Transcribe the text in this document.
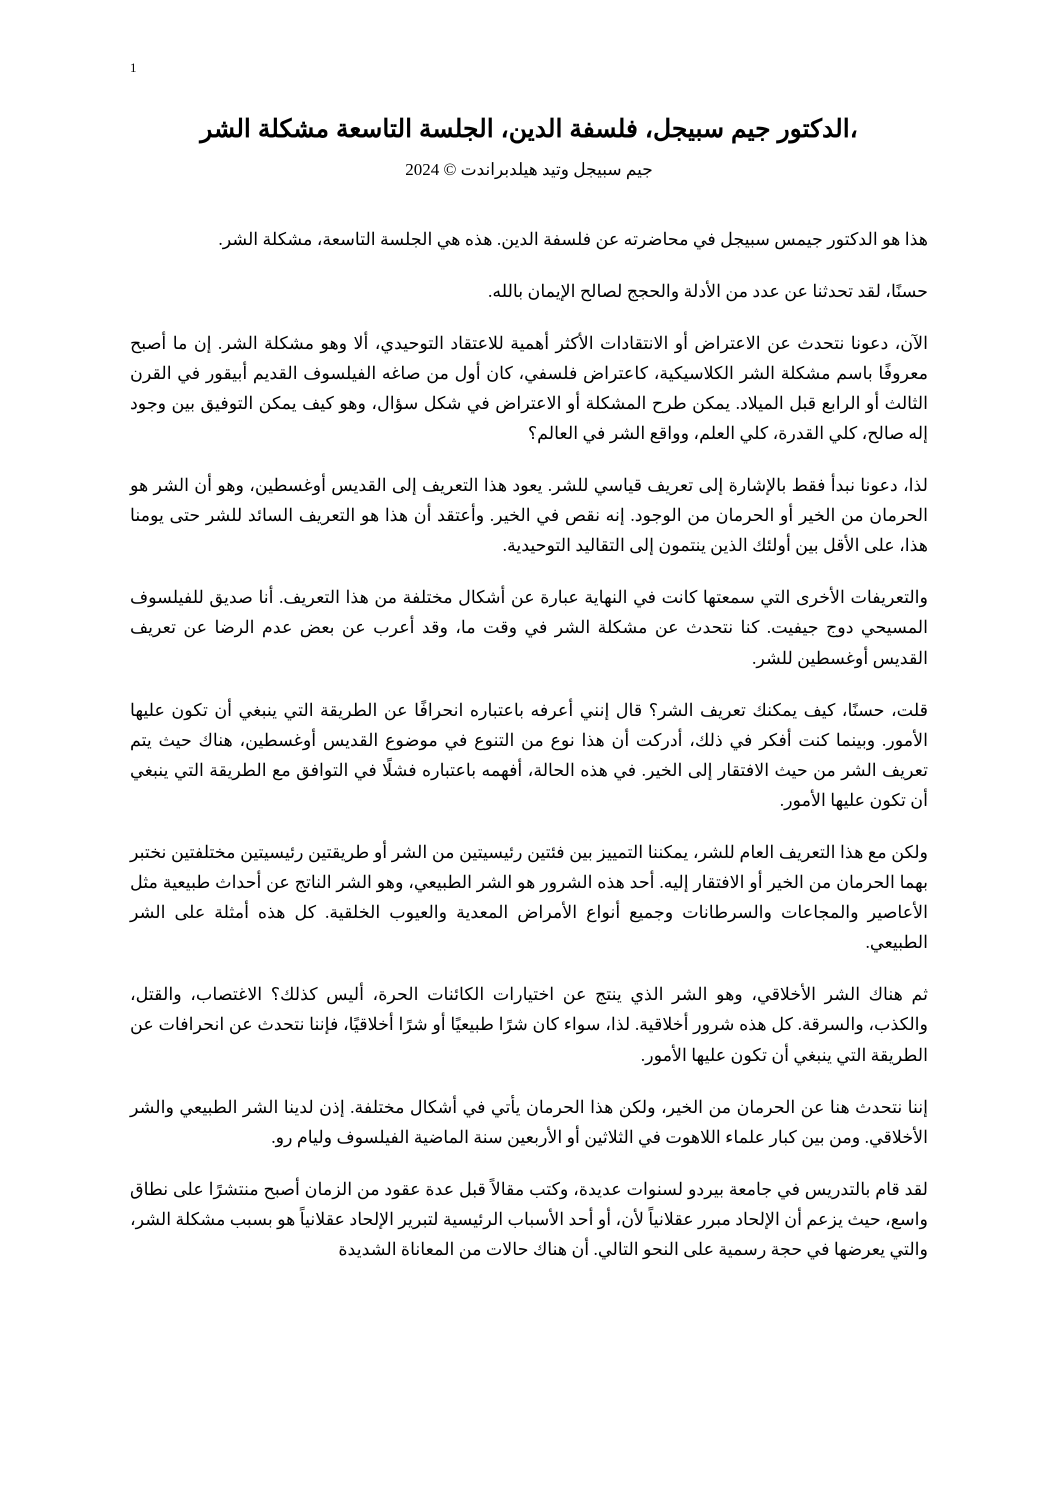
1
،الدكتور جيم سبيجل، فلسفة الدين، الجلسة التاسعة مشكلة الشر
جيم سبيجل وتيد هيلدبراندت © 2024

هذا هو الدكتور جيمس سبيجل في محاضرته عن فلسفة الدين. هذه هي الجلسة التاسعة، مشكلة الشر.

حسنًا، لقد تحدثنا عن عدد من الأدلة والحجج لصالح الإيمان بالله.

الآن، دعونا نتحدث عن الاعتراض أو الانتقادات الأكثر أهمية للاعتقاد التوحيدي، ألا وهو مشكلة الشر. إن ما أصبح معروفًا باسم مشكلة الشر الكلاسيكية، كاعتراض فلسفي، كان أول من صاغه الفيلسوف القديم أبيقور في القرن الثالث أو الرابع قبل الميلاد. يمكن طرح المشكلة أو الاعتراض في شكل سؤال، وهو كيف يمكن التوفيق بين وجود إله صالح، كلي القدرة، كلي العلم، وواقع الشر في العالم؟

لذا، دعونا نبدأ فقط بالإشارة إلى تعريف قياسي للشر. يعود هذا التعريف إلى القديس أوغسطين، وهو أن الشر هو الحرمان من الخير أو الحرمان من الوجود. إنه نقص في الخير. وأعتقد أن هذا هو التعريف السائد للشر حتى يومنا هذا، على الأقل بين أولئك الذين ينتمون إلى التقاليد التوحيدية.

والتعريفات الأخرى التي سمعتها كانت في النهاية عبارة عن أشكال مختلفة من هذا التعريف. أنا صديق للفيلسوف المسيحي دوج جيفيت. كنا نتحدث عن مشكلة الشر في وقت ما، وقد أعرب عن بعض عدم الرضا عن تعريف القديس أوغسطين للشر.

قلت، حسنًا، كيف يمكنك تعريف الشر؟ قال إنني أعرفه باعتباره انحرافًا عن الطريقة التي ينبغي أن تكون عليها الأمور. وبينما كنت أفكر في ذلك، أدركت أن هذا نوع من التنوع في موضوع القديس أوغسطين، هناك حيث يتم تعريف الشر من حيث الافتقار إلى الخير. في هذه الحالة، أفهمه باعتباره فشلًا في التوافق مع الطريقة التي ينبغي أن تكون عليها الأمور.

ولكن مع هذا التعريف العام للشر، يمكننا التمييز بين فئتين رئيسيتين من الشر أو طريقتين رئيسيتين مختلفتين نختبر بهما الحرمان من الخير أو الافتقار إليه. أحد هذه الشرور هو الشر الطبيعي، وهو الشر الناتج عن أحداث طبيعية مثل الأعاصير والمجاعات والسرطانات وجميع أنواع الأمراض المعدية والعيوب الخلقية. كل هذه أمثلة على الشر الطبيعي.

ثم هناك الشر الأخلاقي، وهو الشر الذي ينتج عن اختيارات الكائنات الحرة، أليس كذلك؟ الاغتصاب، والقتل، والكذب، والسرقة. كل هذه شرور أخلاقية. لذا، سواء كان شرًا طبيعيًا أو شرًا أخلاقيًا، فإننا نتحدث عن انحرافات عن الطريقة التي ينبغي أن تكون عليها الأمور.

إننا نتحدث هنا عن الحرمان من الخير، ولكن هذا الحرمان يأتي في أشكال مختلفة. إذن لدينا الشر الطبيعي والشر الأخلاقي. ومن بين كبار علماء اللاهوت في الثلاثين أو الأربعين سنة الماضية الفيلسوف وليام رو.

لقد قام بالتدريس في جامعة بيردو لسنوات عديدة، وكتب مقالاً قبل عدة عقود من الزمان أصبح منتشرًا على نطاق واسع، حيث يزعم أن الإلحاد مبرر عقلانياً لأن، أو أحد الأسباب الرئيسية لتبرير الإلحاد عقلانياً هو بسبب مشكلة الشر، والتي يعرضها في حجة رسمية على النحو التالي. أن هناك حالات من المعاناة الشديدة
